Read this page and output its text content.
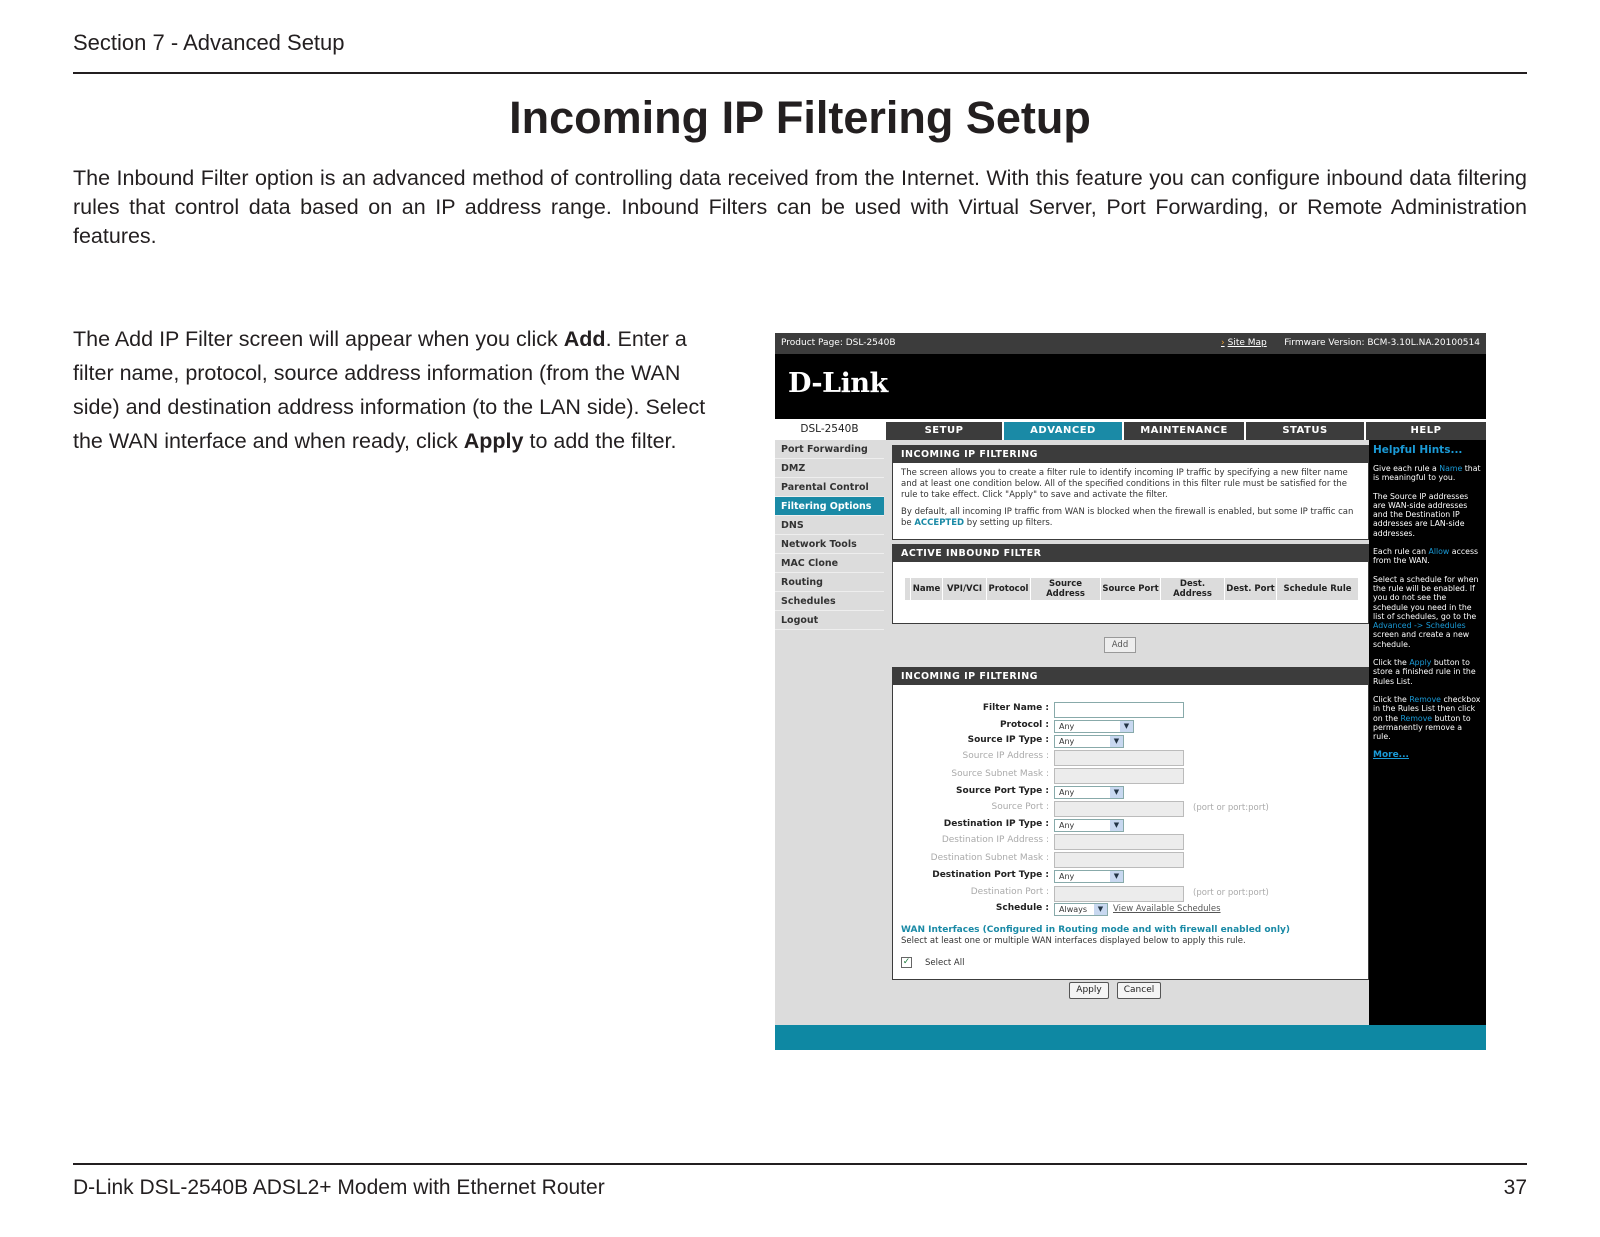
Section 7 - Advanced Setup
Incoming IP Filtering Setup

The Inbound Filter option is an advanced method of controlling data received from the Internet. With this feature you can configure inbound data filtering rules that control data based on an IP address range. Inbound Filters can be used with Virtual Server, Port Forwarding, or Remote Administration features.

The Add IP Filter screen will appear when you click Add. Enter a filter name, protocol, source address information (from the WAN side) and destination address information (to the LAN side). Select the WAN interface and when ready, click Apply to add the filter.

Product Page: DSL-2540B	› Site Map Firmware Version: BCM-3.10L.NA.20100514
D-Link
DSL-2540B	SETUP	ADVANCED	MAINTENANCE	STATUS	HELP
Port Forwarding
DMZ
Parental Control
Filtering Options
DNS
Network Tools
MAC Clone
Routing
Schedules
Logout
INCOMING IP FILTERING

The screen allows you to create a filter rule to identify incoming IP traffic by specifying a new filter name and at least one condition below. All of the specified conditions in this filter rule must be satisfied for the rule to take effect. Click "Apply" to save and activate the filter.

By default, all incoming IP traffic from WAN is blocked when the firewall is enabled, but some IP traffic can be ACCEPTED by setting up filters.

ACTIVE INBOUND FILTER
Name VPI/VCI Protocol	Source Address	Source Port	Dest. Address	Dest. Port	Schedule Rule
Add
INCOMING IP FILTERING
Filter Name :
Protocol :	Any	▼
Source IP Type :	Any	▼
Source IP Address :
Source Subnet Mask :
Source Port Type :	Any	▼
Source Port :	(port or port:port)
Destination IP Type :	Any	▼
Destination IP Address :
Destination Subnet Mask :
Destination Port Type :	Any	▼
Destination Port :	(port or port:port)
Schedule :	Always	▼	View Available Schedules
WAN Interfaces (Configured in Routing mode and with firewall enabled only)
Select at least one or multiple WAN interfaces displayed below to apply this rule.
✓ Select All
Apply	Cancel
Helpful Hints...
Give each rule a Name that is meaningful to you.
The Source IP addresses are WAN-side addresses and the Destination IP addresses are LAN-side addresses.
Each rule can Allow access from the WAN.
Select a schedule for when the rule will be enabled. If you do not see the schedule you need in the list of schedules, go to the Advanced -> Schedules screen and create a new schedule.
Click the Apply button to store a finished rule in the Rules List.
Click the Remove checkbox in the Rules List then click on the Remove button to permanently remove a rule.
More...
D-Link DSL-2540B ADSL2+ Modem with Ethernet Router	37
